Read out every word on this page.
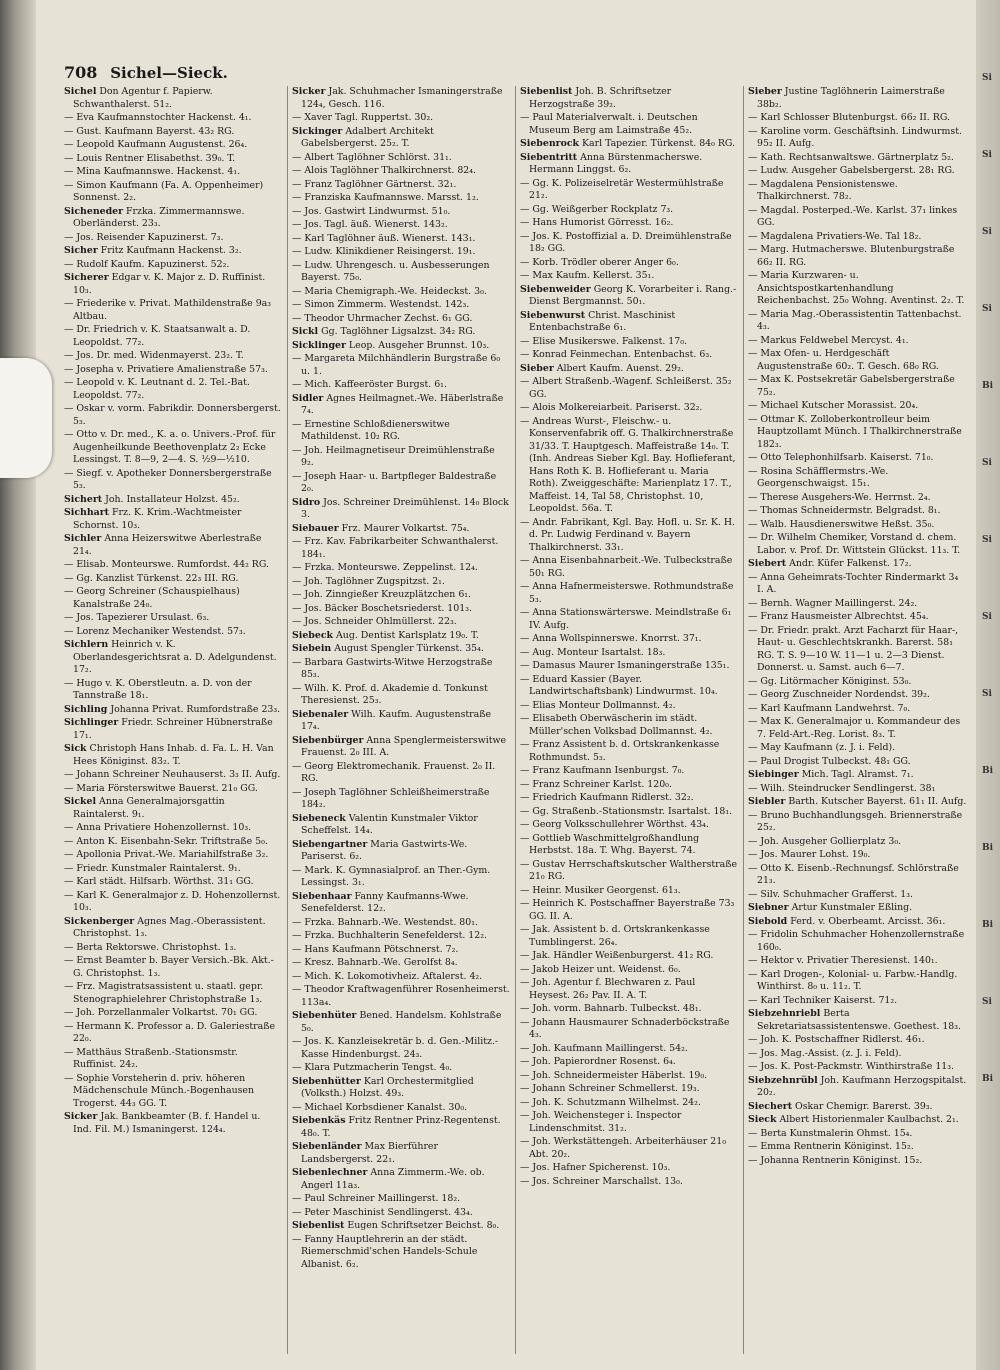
Si
Si
Si
Si
Bi
Si
Si
Si
Si
Bi
Bi
Bi
Si
Bi
708 Sichel—Sieck.
Sichel Don Agentur f. Papierw. Schwanthalerst. 51₂.
— Eva Kaufmannstochter Hackenst. 4₁.
— Gust. Kaufmann Bayerst. 43₂ RG.
— Leopold Kaufmann Augustenst. 26₄.
— Louis Rentner Elisabethst. 39₀. T.
— Mina Kaufmannswe. Hackenst. 4₁.
— Simon Kaufmann (Fa. A. Oppenheimer) Sonnenst. 2₂.
Sicheneder Frzka. Zimmermannswe. Oberländerst. 23₃.
— Jos. Reisender Kapuzinerst. 7₃.
Sicher Fritz Kaufmann Hackenst. 3₂.
— Rudolf Kaufm. Kapuzinerst. 52₂.
Sicherer Edgar v. K. Major z. D. Ruffinist. 10₃.
— Friederike v. Privat. Mathildenstraße 9a₃ Altbau.
— Dr. Friedrich v. K. Staatsanwalt a. D. Leopoldst. 77₂.
— Jos. Dr. med. Widenmayerst. 23₂. T.
— Josepha v. Privatiere Amalienstraße 57₃.
— Leopold v. K. Leutnant d. 2. Tel.-Bat. Leopoldst. 77₂.
— Oskar v. vorm. Fabrikdir. Donnersbergerst. 5₃.
— Otto v. Dr. med., K. a. o. Univers.-Prof. für Augenheilkunde Beethovenplatz 2₂ Ecke Lessingst. T. 8—9, 2—4. S. ½9—½10.
— Siegf. v. Apotheker Donnersbergerstraße 5₃.
Sichert Joh. Installateur Holzst. 45₂.
Sichhart Frz. K. Krim.-Wachtmeister Schornst. 10₃.
Sichler Anna Heizerswitwe Aberlestraße 21₄.
— Elisab. Monteurswe. Rumfordst. 44₂ RG.
— Gg. Kanzlist Türkenst. 22₃ III. RG.
— Georg Schreiner (Schauspielhaus) Kanalstraße 24₀.
— Jos. Tapezierer Ursulast. 6₃.
— Lorenz Mechaniker Westendst. 57₃.
Sichlern Heinrich v. K. Oberlandesgerichtsrat a. D. Adelgundenst. 17₂.
— Hugo v. K. Oberstleutn. a. D. von der Tannstraße 18₁.
Sichling Johanna Privat. Rumfordstraße 23₃.
Sichlinger Friedr. Schreiner Hübnerstraße 17₁.
Sick Christoph Hans Inhab. d. Fa. L. H. Van Hees Königinst. 83₂. T.
— Johann Schreiner Neuhauserst. 3₃ II. Aufg.
— Maria Försterswitwe Bauerst. 21₀ GG.
Sickel Anna Generalmajorsgattin Raintalerst. 9₁.
— Anna Privatiere Hohenzollernst. 10₃.
— Anton K. Eisenbahn-Sekr. Triftstraße 5₀.
— Apollonia Privat.-We. Mariahilfstraße 3₂.
— Friedr. Kunstmaler Raintalerst. 9₁.
— Karl städt. Hilfsarb. Wörthst. 31₁ GG.
— Karl K. Generalmajor z. D. Hohenzollernst. 10₃.
Sickenberger Agnes Mag.-Oberassistent. Christophst. 1₃.
— Berta Rektorswe. Christophst. 1₃.
— Ernst Beamter b. Bayer Versich.-Bk. Akt.-G. Christophst. 1₃.
— Frz. Magistratsassistent u. staatl. gepr. Stenographielehrer Christophstraße 1₃.
— Joh. Porzellanmaler Volkartst. 70₁ GG.
— Hermann K. Professor a. D. Galeriestraße 22₀.
— Matthäus Straßenb.-Stationsmstr. Ruffinist. 24₂.
— Sophie Vorsteherin d. priv. höheren Mädchenschule Münch.-Bogenhausen Trogerst. 44₃ GG. T.
Sicker Jak. Bankbeamter (B. f. Handel u. Ind. Fil. M.) Ismaningerst. 124₄.
Sicker Jak. Schuhmacher Ismaningerstraße 124₄, Gesch. 116.
— Xaver Tagl. Ruppertst. 30₂.
Sickinger Adalbert Architekt Gabelsbergerst. 25₂. T.
— Albert Taglöhner Schlörst. 31₁.
— Alois Taglöhner Thalkirchnerst. 82₄.
— Franz Taglöhner Gärtnerst. 32₁.
— Franziska Kaufmannswe. Marsst. 1₂.
— Jos. Gastwirt Lindwurmst. 51₀.
— Jos. Tagl. äuß. Wienerst. 143₂.
— Karl Taglöhner äuß. Wienerst. 143₁.
— Ludw. Klinikdiener Reisingerst. 19₁.
— Ludw. Uhrengesch. u. Ausbesserungen Bayerst. 75₀.
— Maria Chemigraph.-We. Heideckst. 3₀.
— Simon Zimmerm. Westendst. 142₃.
— Theodor Uhrmacher Zechst. 6₁ GG.
Sickl Gg. Taglöhner Ligsalzst. 34₂ RG.
Sicklinger Leop. Ausgeher Brunnst. 10₃.
— Margareta Milchhändlerin Burgstraße 6₀ u. 1.
— Mich. Kaffeeröster Burgst. 6₁.
Sidler Agnes Heilmagnet.-We. Häberlstraße 7₄.
— Ernestine Schloßdienerswitwe Mathildenst. 10₂ RG.
— Joh. Heilmagnetiseur Dreimühlenstraße 9₂.
— Joseph Haar- u. Bartpfleger Baldestraße 2₀.
Sidro Jos. Schreiner Dreimühlenst. 14₀ Block 3.
Siebauer Frz. Maurer Volkartst. 75₄.
— Frz. Kav. Fabrikarbeiter Schwanthalerst. 184₁.
— Frzka. Monteurswe. Zeppelinst. 12₄.
— Joh. Taglöhner Zugspitzst. 2₁.
— Joh. Zinngießer Kreuzplätzchen 6₁.
— Jos. Bäcker Boschetsriederst. 101₃.
— Jos. Schneider Ohlmüllerst. 22₃.
Siebeck Aug. Dentist Karlsplatz 19₀. T.
Siebein August Spengler Türkenst. 35₄.
— Barbara Gastwirts-Witwe Herzogstraße 85₃.
— Wilh. K. Prof. d. Akademie d. Tonkunst Theresienst. 25₃.
Siebenaler Wilh. Kaufm. Augustenstraße 17₄.
Siebenbürger Anna Spenglermeisterswitwe Frauenst. 2₀ III. A.
— Georg Elektromechanik. Frauenst. 2₀ II. RG.
— Joseph Taglöhner Schleißheimerstraße 184₂.
Siebeneck Valentin Kunstmaler Viktor Scheffelst. 14₄.
Siebengartner Maria Gastwirts-We. Pariserst. 6₂.
— Mark. K. Gymnasialprof. an Ther.-Gym. Lessingst. 3₁.
Siebenhaar Fanny Kaufmanns-Wwe. Senefelderst. 12₂.
— Frzka. Bahnarb.-We. Westendst. 80₁.
— Frzka. Buchhalterin Senefelderst. 12₂.
— Hans Kaufmann Pötschnerst. 7₂.
— Kresz. Bahnarb.-We. Gerolfst 8₄.
— Mich. K. Lokomotivheiz. Aftalerst. 4₂.
— Theodor Kraftwagenführer Rosenheimerst. 113a₄.
Siebenhüter Bened. Handelsm. Kohlstraße 5₀.
— Jos. K. Kanzleisekretär b. d. Gen.-Militz.-Kasse Hindenburgst. 24₃.
— Klara Putzmacherin Tengst. 4₀.
Siebenhütter Karl Orchestermitglied (Volksth.) Holzst. 49₃.
— Michael Korbsdiener Kanalst. 30₀.
Siebenkäs Fritz Rentner Prinz-Regentenst. 48₀. T.
Siebenländer Max Bierführer Landsbergerst. 22₁.
Siebenlechner Anna Zimmerm.-We. ob. Angerl 11a₃.
— Paul Schreiner Maillingerst. 18₂.
— Peter Maschinist Sendlingerst. 43₄.
Siebenlist Eugen Schriftsetzer Beichst. 8₀.
— Fanny Hauptlehrerin an der städt. Riemerschmid'schen Handels-Schule Albanist. 6₂.
Siebenlist Joh. B. Schriftsetzer Herzogstraße 39₂.
— Paul Materialverwalt. i. Deutschen Museum Berg am Laimstraße 45₂.
Siebenrock Karl Tapezier. Türkenst. 84₀ RG.
Siebentritt Anna Bürstenmacherswe. Hermann Linggst. 6₂.
— Gg. K. Polizeiselretär Westermühlstraße 21₂.
— Gg. Weißgerber Rockplatz 7₃.
— Hans Humorist Görresst. 16₂.
— Jos. K. Postoffizial a. D. Dreimühlenstraße 18₂ GG.
— Korb. Trödler oberer Anger 6₀.
— Max Kaufm. Kellerst. 35₁.
Siebenweider Georg K. Vorarbeiter i. Rang.-Dienst Bergmannst. 50₁.
Siebenwurst Christ. Maschinist Entenbachstraße 6₁.
— Elise Musikerswe. Falkenst. 17₀.
— Konrad Feinmechan. Entenbachst. 6₃.
Sieber Albert Kaufm. Auenst. 29₂.
— Albert Straßenb.-Wagenf. Schleißerst. 35₂ GG.
— Alois Molkereiarbeit. Pariserst. 32₂.
— Andreas Wurst-, Fleischw.- u. Konservenfabrik off. G. Thalkirchnerstraße 31/33. T. Hauptgesch. Maffeistraße 14₀. T. (Inh. Andreas Sieber Kgl. Bay. Hoflieferant, Hans Roth K. B. Hoflieferant u. Maria Roth). Zweiggeschäfte: Marienplatz 17. T., Maffeist. 14, Tal 58, Christophst. 10, Leopoldst. 56a. T.
— Andr. Fabrikant, Kgl. Bay. Hofl. u. Sr. K. H. d. Pr. Ludwig Ferdinand v. Bayern Thalkirchnerst. 33₁.
— Anna Eisenbahnarbeit.-We. Tulbeckstraße 50₁ RG.
— Anna Hafnermeisterswe. Rothmundstraße 5₃.
— Anna Stationswärterswe. Meindlstraße 6₁ IV. Aufg.
— Anna Wollspinnerswe. Knorrst. 37₁.
— Aug. Monteur Isartalst. 18₃.
— Damasus Maurer Ismaningerstraße 135₁.
— Eduard Kassier (Bayer. Landwirtschaftsbank) Lindwurmst. 10₄.
— Elias Monteur Dollmannst. 4₂.
— Elisabeth Oberwäscherin im städt. Müller'schen Volksbad Dollmannst. 4₂.
— Franz Assistent b. d. Ortskrankenkasse Rothmundst. 5₃.
— Franz Kaufmann Isenburgst. 7₀.
— Franz Schreiner Karlst. 120₀.
— Friedrich Kaufmann Ridlerst. 32₂.
— Gg. Straßenb.-Stationsmstr. Isartalst. 18₁.
— Georg Volksschullehrer Wörthst. 43₄.
— Gottlieb Waschmittelgroßhandlung Herbstst. 18a. T. Whg. Bayerst. 74.
— Gustav Herrschaftskutscher Waltherstraße 21₀ RG.
— Heinr. Musiker Georgenst. 61₃.
— Heinrich K. Postschaffner Bayerstraße 73₃ GG. II. A.
— Jak. Assistent b. d. Ortskrankenkasse Tumblingerst. 26₄.
— Jak. Händler Weißenburgerst. 41₂ RG.
— Jakob Heizer unt. Weidenst. 6₀.
— Joh. Agentur f. Blechwaren z. Paul Heysest. 26₂ Pav. II. A. T.
— Joh. vorm. Bahnarb. Tulbeckst. 48₁.
— Johann Hausmaurer Schnaderböckstraße 4₃.
— Joh. Kaufmann Maillingerst. 54₂.
— Joh. Papierordner Rosenst. 6₄.
— Joh. Schneidermeister Häberlst. 19₀.
— Johann Schreiner Schmellerst. 19₃.
— Joh. K. Schutzmann Wilhelmst. 24₂.
— Joh. Weichensteger i. Inspector Lindenschmitst. 31₂.
— Joh. Werkstättengeh. Arbeiterhäuser 21₀ Abt. 20₂.
— Jos. Hafner Spicherenst. 10₃.
— Jos. Schreiner Marschallst. 13₀.
Sieber Justine Taglöhnerin Laimerstraße 38b₂.
— Karl Schlosser Blutenburgst. 66₂ II. RG.
— Karoline vorm. Geschäftsinh. Lindwurmst. 95₂ II. Aufg.
— Kath. Rechtsanwaltswe. Gärtnerplatz 5₂.
— Ludw. Ausgeher Gabelsbergerst. 28₁ RG.
— Magdalena Pensionistenswe. Thalkirchnerst. 78₂.
— Magdal. Posterped.-We. Karlst. 37₁ linkes GG.
— Magdalena Privatiers-We. Tal 18₂.
— Marg. Hutmacherswe. Blutenburgstraße 66₂ II. RG.
— Maria Kurzwaren- u. Ansichtspostkartenhandlung Reichenbachst. 25₀ Wohng. Aventinst. 2₂. T.
— Maria Mag.-Oberassistentin Tattenbachst. 4₃.
— Markus Feldwebel Mercyst. 4₁.
— Max Ofen- u. Herdgeschäft Augustenstraße 60₂. T. Gesch. 68₀ RG.
— Max K. Postsekretär Gabelsbergerstraße 75₂.
— Michael Kutscher Morassist. 20₄.
— Ottmar K. Zolloberkontrolleur beim Hauptzollamt Münch. I Thalkirchnerstraße 182₃.
— Otto Telephonhilfsarb. Kaiserst. 71₀.
— Rosina Schäfflermstrs.-We. Georgenschwaigst. 15₁.
— Therese Ausgehers-We. Herrnst. 2₄.
— Thomas Schneidermstr. Belgradst. 8₁.
— Walb. Hausdienerswitwe Heßst. 35₀.
— Dr. Wilhelm Chemiker, Vorstand d. chem. Labor. v. Prof. Dr. Wittstein Glückst. 11₃. T.
Siebert Andr. Küfer Falkenst. 17₂.
— Anna Geheimrats-Tochter Rindermarkt 3₄ I. A.
— Bernh. Wagner Maillingerst. 24₂.
— Franz Hausmeister Albrechtst. 45₄.
— Dr. Friedr. prakt. Arzt Facharzt für Haar-, Haut- u. Geschlechtskrankh. Barerst. 58₁ RG. T. S. 9—10 W. 11—1 u. 2—3 Dienst. Donnerst. u. Samst. auch 6—7.
— Gg. Litörmacher Königinst. 53₀.
— Georg Zuschneider Nordendst. 39₂.
— Karl Kaufmann Landwehrst. 7₀.
— Max K. Generalmajor u. Kommandeur des 7. Feld-Art.-Reg. Lorist. 8₃. T.
— May Kaufmann (z. J. i. Feld).
— Paul Drogist Tulbeckst. 48₁ GG.
Siebinger Mich. Tagl. Alramst. 7₁.
— Wilh. Steindrucker Sendlingerst. 38₁
Siebler Barth. Kutscher Bayerst. 61₁ II. Aufg.
— Bruno Buchhandlungsgeh. Briennerstraße 25₂.
— Joh. Ausgeher Gollierplatz 3₀.
— Jos. Maurer Lohst. 19₀.
— Otto K. Eisenb.-Rechnungsf. Schlörstraße 21₃.
— Silv. Schuhmacher Grafferst. 1₃.
Siebner Artur Kunstmaler Eßling.
Siebold Ferd. v. Oberbeamt. Arcisst. 36₁.
— Fridolin Schuhmacher Hohenzollernstraße 160₀.
— Hektor v. Privatier Theresienst. 140₁.
— Karl Drogen-, Kolonial- u. Farbw.-Handlg. Winthirst. 8₀ u. 11₂. T.
— Karl Techniker Kaiserst. 71₂.
Siebzehnriebl Berta Sekretariatsassistentenswe. Goethest. 18₃.
— Joh. K. Postschaffner Ridlerst. 46₁.
— Jos. Mag.-Assist. (z. J. i. Feld).
— Jos. K. Post-Packmstr. Winthirstraße 11₃.
Siebzehnrübl Joh. Kaufmann Herzogspitalst. 20₂.
Siechert Oskar Chemigr. Barerst. 39₃.
Sieck Albert Historienmaler Kaulbachst. 2₁.
— Berta Kunstmalerin Ohmst. 15₄.
— Emma Rentnerin Königinst. 15₂.
— Johanna Rentnerin Königinst. 15₂.
